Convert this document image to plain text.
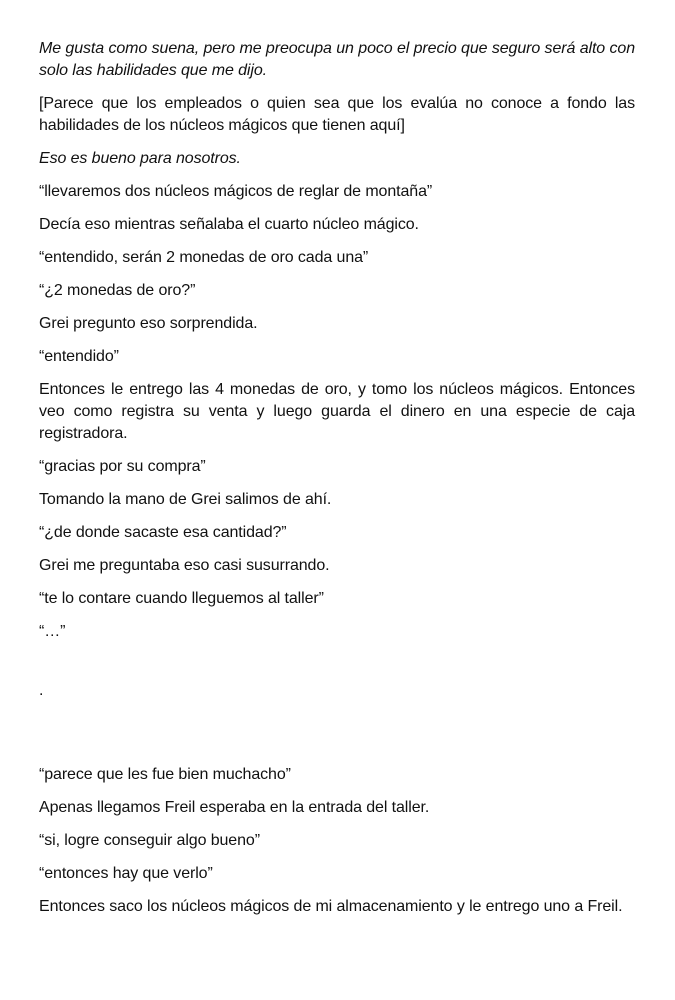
Me gusta como suena, pero me preocupa un poco el precio que seguro será alto con solo las habilidades que me dijo.

[Parece que los empleados o quien sea que los evalúa no conoce a fondo las habilidades de los núcleos mágicos que tienen aquí]

Eso es bueno para nosotros.

“llevaremos dos núcleos mágicos de reglar de montaña”

Decía eso mientras señalaba el cuarto núcleo mágico.

“entendido, serán 2 monedas de oro cada una”

“¿2 monedas de oro?”

Grei pregunto eso sorprendida.

“entendido”

Entonces le entrego las 4 monedas de oro, y tomo los núcleos mágicos. Entonces veo como registra su venta y luego guarda el dinero en una especie de caja registradora.

“gracias por su compra”

Tomando la mano de Grei salimos de ahí.

“¿de donde sacaste esa cantidad?”

Grei me preguntaba eso casi susurrando.

“te lo contare cuando lleguemos al taller”

“…”

.

“parece que les fue bien muchacho”

Apenas llegamos Freil esperaba en la entrada del taller.

“si, logre conseguir algo bueno”

“entonces hay que verlo”

Entonces saco los núcleos mágicos de mi almacenamiento y le entrego uno a Freil.
